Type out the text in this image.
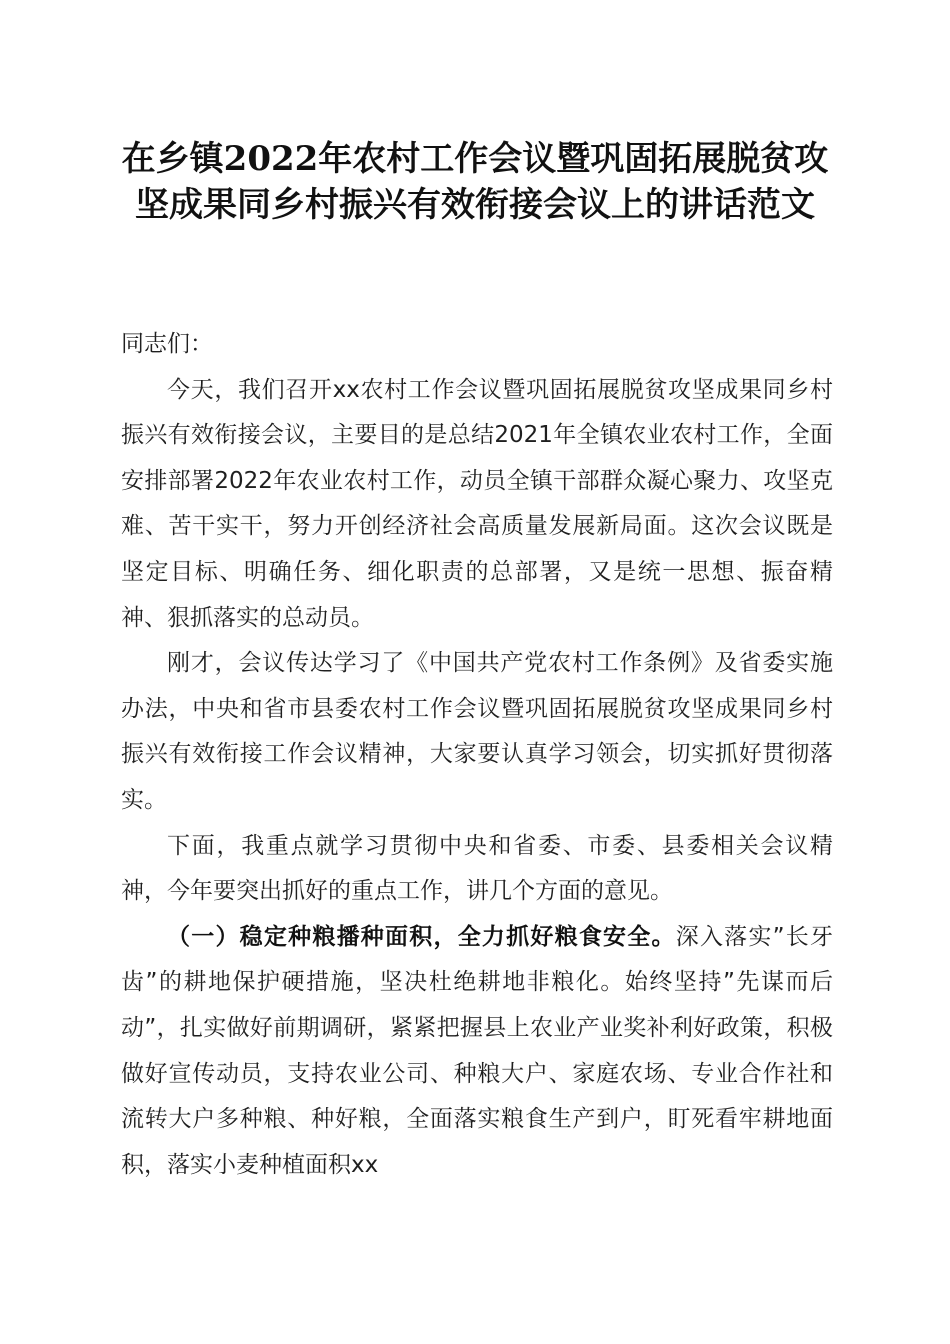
在乡镇2022年农村工作会议暨巩固拓展脱贫攻坚成果同乡村振兴有效衔接会议上的讲话范文

同志们：

今天，我们召开xx农村工作会议暨巩固拓展脱贫攻坚成果同乡村振兴有效衔接会议，主要目的是总结2021年全镇农业农村工作，全面安排部署2022年农业农村工作，动员全镇干部群众凝心聚力、攻坚克难、苦干实干，努力开创经济社会高质量发展新局面。这次会议既是坚定目标、明确任务、细化职责的总部署，又是统一思想、振奋精神、狠抓落实的总动员。

刚才，会议传达学习了《中国共产党农村工作条例》及省委实施办法，中央和省市县委农村工作会议暨巩固拓展脱贫攻坚成果同乡村振兴有效衔接工作会议精神，大家要认真学习领会，切实抓好贯彻落实。

下面，我重点就学习贯彻中央和省委、市委、县委相关会议精神，今年要突出抓好的重点工作，讲几个方面的意见。

（一）稳定种粮播种面积，全力抓好粮食安全。深入落实”长牙齿”的耕地保护硬措施，坚决杜绝耕地非粮化。始终坚持”先谋而后动”，扎实做好前期调研，紧紧把握县上农业产业奖补利好政策，积极做好宣传动员，支持农业公司、种粮大户、家庭农场、专业合作社和流转大户多种粮、种好粮，全面落实粮食生产到户，盯死看牢耕地面积，落实小麦种植面积xx
